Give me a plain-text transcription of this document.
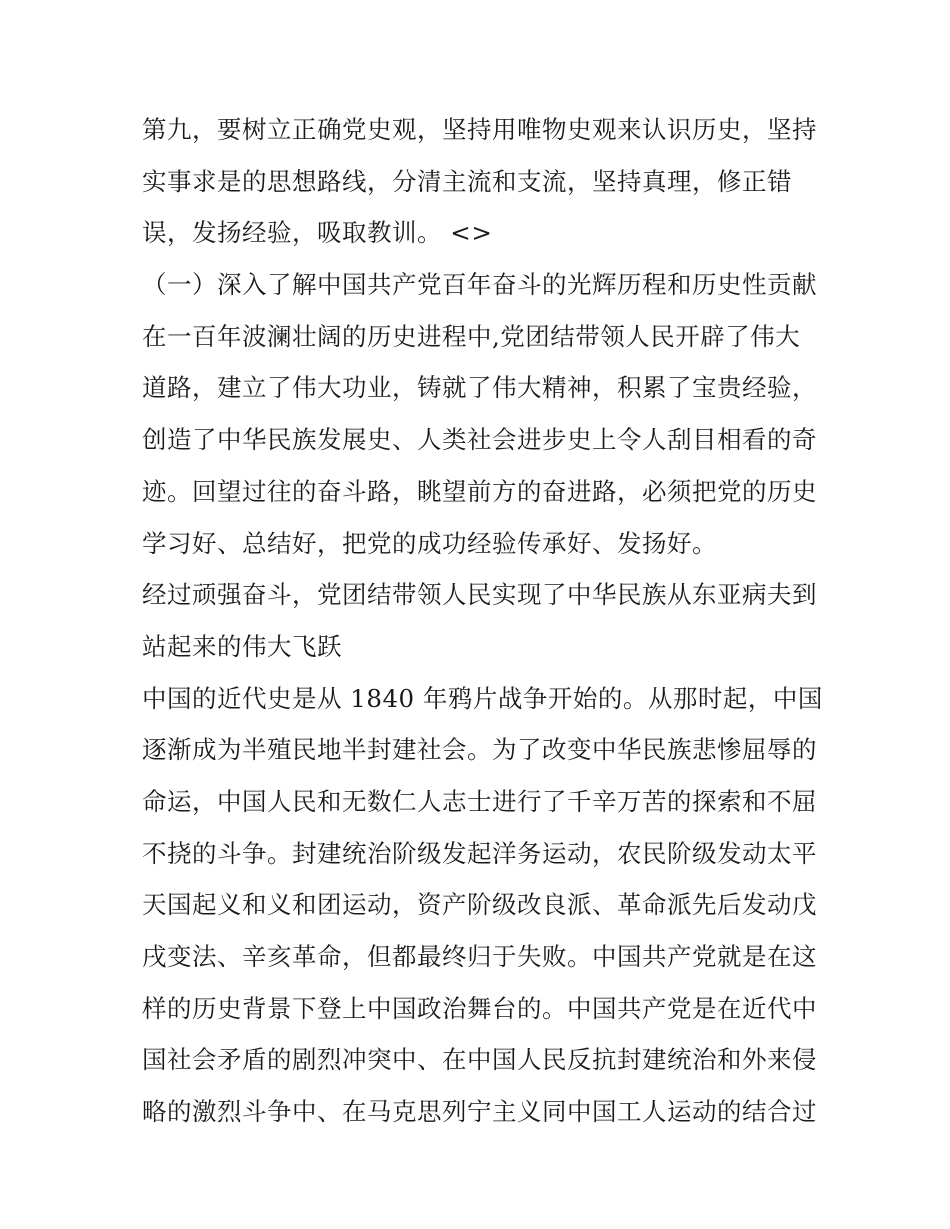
第九，要树立正确党史观，坚持用唯物史观来认识历史，坚持
实事求是的思想路线，分清主流和支流，坚持真理，修正错
误，发扬经验，吸取教训。 <>
（一）深入了解中国共产党百年奋斗的光辉历程和历史性贡献
在一百年波澜壮阔的历史进程中,党团结带领人民开辟了伟大
道路，建立了伟大功业，铸就了伟大精神，积累了宝贵经验，
创造了中华民族发展史、人类社会进步史上令人刮目相看的奇
迹。回望过往的奋斗路，眺望前方的奋进路，必须把党的历史
学习好、总结好，把党的成功经验传承好、发扬好。
经过顽强奋斗，党团结带领人民实现了中华民族从东亚病夫到
站起来的伟大飞跃
中国的近代史是从 1840 年鸦片战争开始的。从那时起，中国
逐渐成为半殖民地半封建社会。为了改变中华民族悲惨屈辱的
命运，中国人民和无数仁人志士进行了千辛万苦的探索和不屈
不挠的斗争。封建统治阶级发起洋务运动，农民阶级发动太平
天国起义和义和团运动，资产阶级改良派、革命派先后发动戊
戌变法、辛亥革命，但都最终归于失败。中国共产党就是在这
样的历史背景下登上中国政治舞台的。中国共产党是在近代中
国社会矛盾的剧烈冲突中、在中国人民反抗封建统治和外来侵
略的激烈斗争中、在马克思列宁主义同中国工人运动的结合过
